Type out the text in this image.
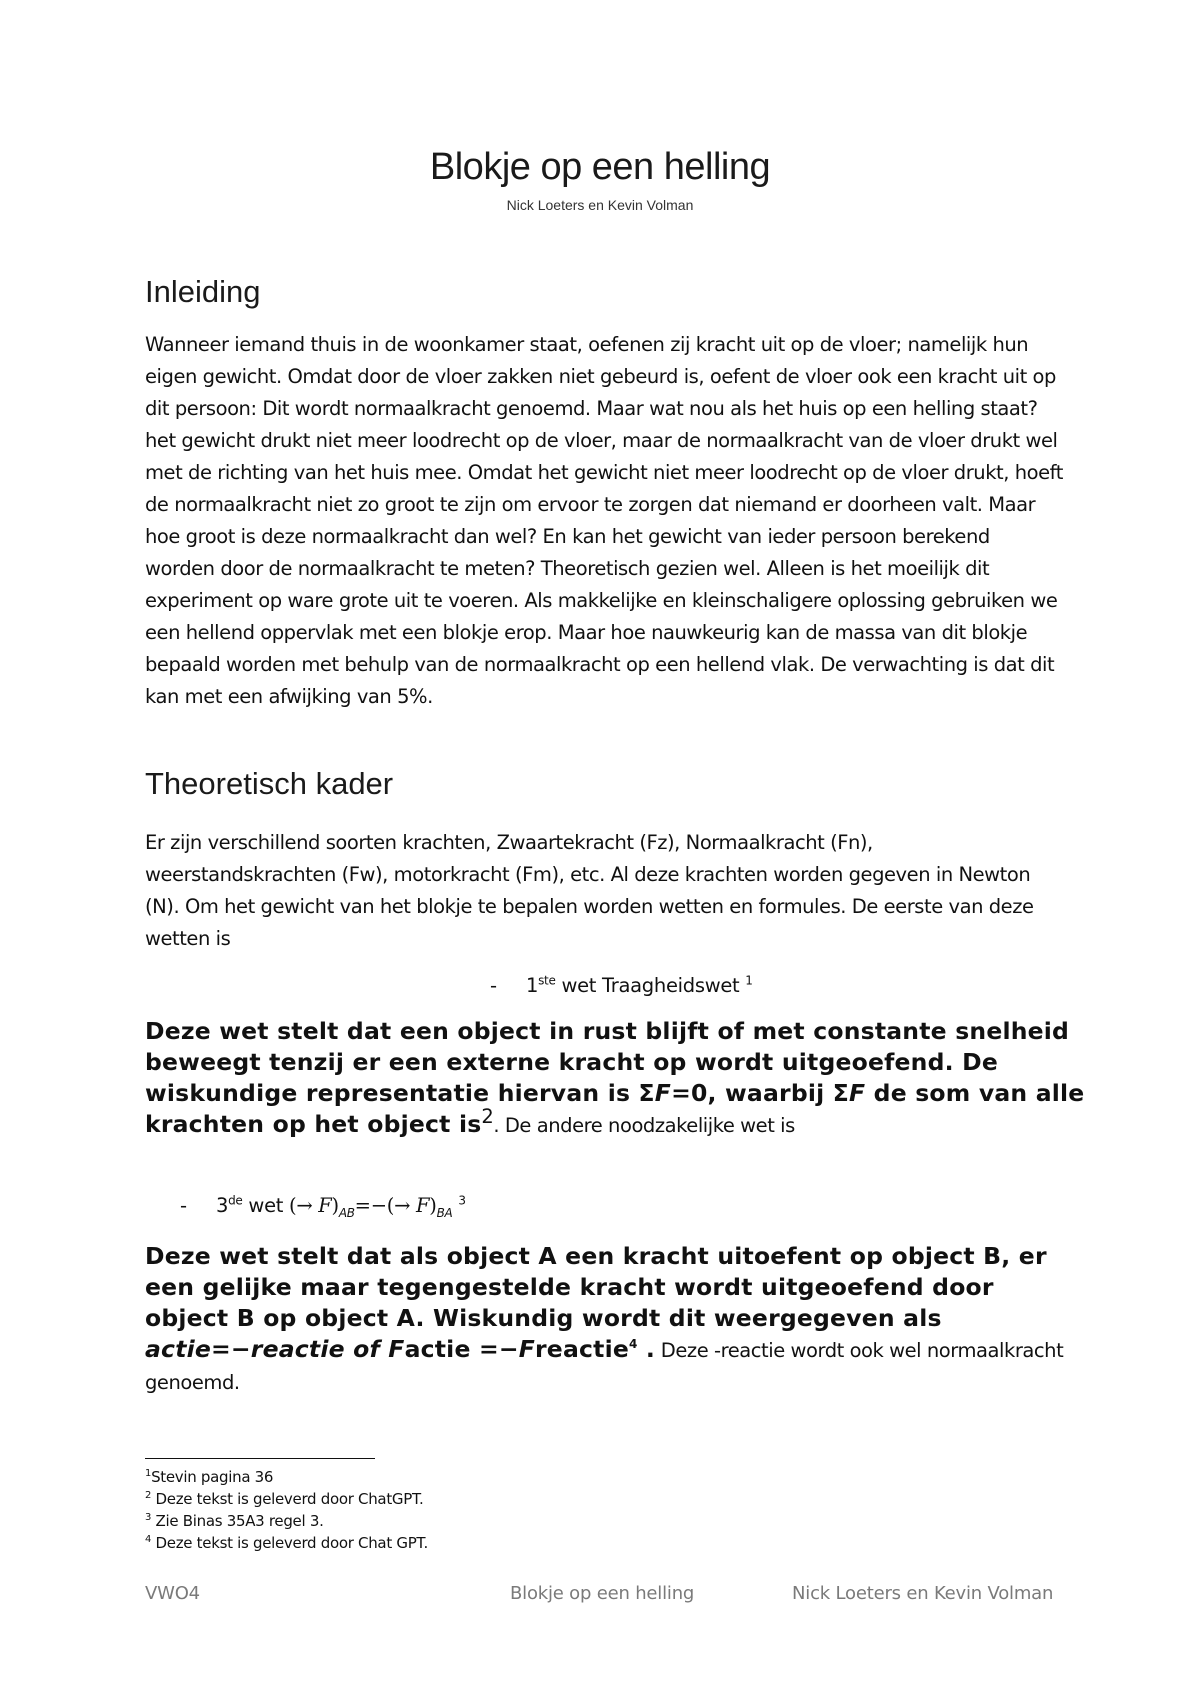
Blokje op een helling
Nick Loeters en Kevin Volman
Inleiding

Wanneer iemand thuis in de woonkamer staat, oefenen zij kracht uit op de vloer; namelijk hun eigen gewicht. Omdat door de vloer zakken niet gebeurd is, oefent de vloer ook een kracht uit op dit persoon: Dit wordt normaalkracht genoemd. Maar wat nou als het huis op een helling staat? het gewicht drukt niet meer loodrecht op de vloer, maar de normaalkracht van de vloer drukt wel met de richting van het huis mee. Omdat het gewicht niet meer loodrecht op de vloer drukt, hoeft de normaalkracht niet zo groot te zijn om ervoor te zorgen dat niemand er doorheen valt. Maar hoe groot is deze normaalkracht dan wel? En kan het gewicht van ieder persoon berekend worden door de normaalkracht te meten? Theoretisch gezien wel. Alleen is het moeilijk dit experiment op ware grote uit te voeren. Als makkelijke en kleinschaligere oplossing gebruiken we een hellend oppervlak met een blokje erop. Maar hoe nauwkeurig kan de massa van dit blokje bepaald worden met behulp van de normaalkracht op een hellend vlak. De verwachting is dat dit kan met een afwijking van 5%.

Theoretisch kader

Er zijn verschillend soorten krachten, Zwaartekracht (Fz), Normaalkracht (Fn), weerstandskrachten (Fw), motorkracht (Fm), etc. Al deze krachten worden gegeven in Newton (N). Om het gewicht van het blokje te bepalen worden wetten en formules. De eerste van deze wetten is

- 1ste wet Traagheidswet $^1$

Deze wet stelt dat een object in rust blijft of met constante snelheid beweegt tenzij er een externe kracht op wordt uitgeoefend. De wiskundige representatie hiervan is ΣF=0, waarbij ΣF de som van alle krachten op het object $is^2$. De andere noodzakelijke wet is

- 3de wet (→ $F)_{AB}=-(\to F)_{BA}$ $^3$

Deze wet stelt dat als object A een kracht uitoefent op object B, er een gelijke maar tegengestelde kracht wordt uitgeoefend door object B op object A. Wiskundig wordt dit weergegeven als actie=−reactie of Factie =−Freactie$^4$ . Deze -reactie wordt ook wel normaalkracht genoemd.

$^1$Stevin pagina 36
$^2$ Deze tekst is geleverd door ChatGPT.
$^3$ Zie Binas 35A3 regel 3.
$^4$ Deze tekst is geleverd door Chat GPT.
VWO4	Blokje op een helling	Nick Loeters en Kevin Volman
